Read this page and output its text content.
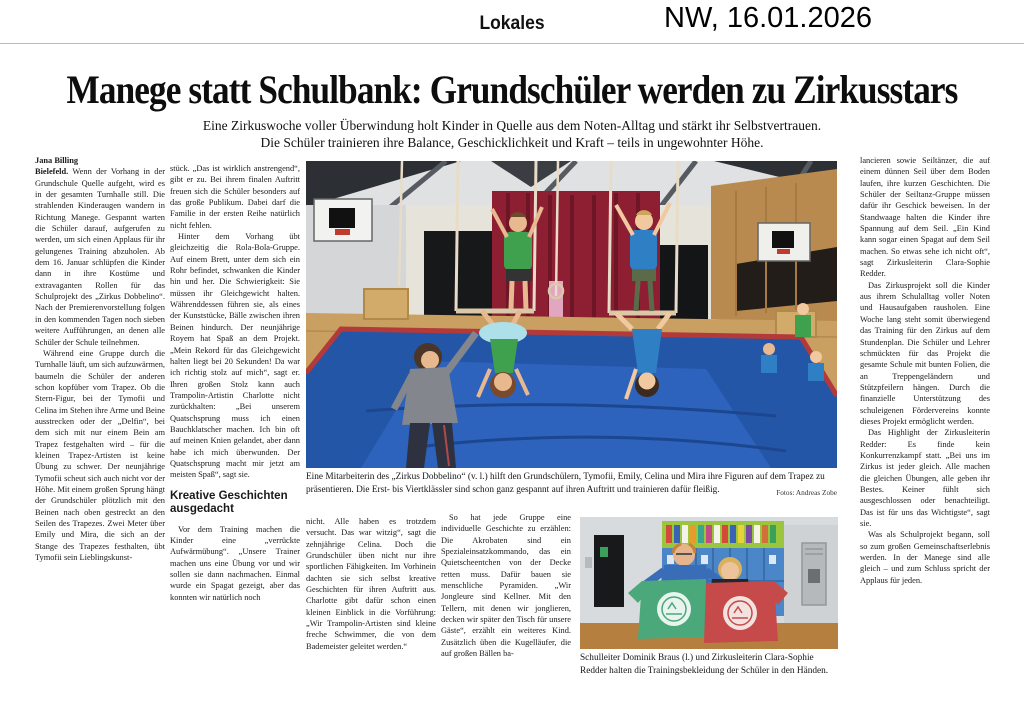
Lokales	NW, 16.01.2026
Manege statt Schulbank: Grundschüler werden zu Zirkusstars
Eine Zirkuswoche voller Überwindung holt Kinder in Quelle aus dem Noten-Alltag und stärkt ihr Selbstvertrauen.
Die Schüler trainieren ihre Balance, Geschicklichkeit und Kraft – teils in ungewohnter Höhe.

Jana Billing

Bielefeld. Wenn der Vorhang in der Grundschule Quelle aufgeht, wird es in der gesamten Turnhalle still. Die strahlenden Kinderaugen wandern in Richtung Manege. Gespannt warten die Schüler darauf, aufgerufen zu werden, um sich einen Applaus für ihr gelungenes Training abzuholen. Ab dem 16. Januar schlüpfen die Kinder dann in ihre Kostüme und extravaganten Rollen für das Schulprojekt des „Zirkus Dobbelino“. Nach der Premierenvorstellung folgen in den kommenden Tagen noch sieben weitere Aufführungen, an denen alle Schüler der Schule teilnehmen.

Während eine Gruppe durch die Turnhalle läuft, um sich aufzuwärmen, baumeln die Schüler der anderen schon kopfüber vom Trapez. Ob die Stern-Figur, bei der Tymofii und Celina im Stehen ihre Arme und Beine ausstrecken oder der „Delfin“, bei dem sich mit nur einem Bein am Trapez festgehalten wird – für die kleinen Trapez-Artisten ist keine Übung zu schwer. Der neunjährige Tymofii scheut sich auch nicht vor der Höhe. Mit einem großen Sprung hängt der Grundschüler plötzlich mit den Beinen nach oben gestreckt an den Seilen des Trapezes. Zwei Meter über Emily und Mira, die sich an der Stange des Trapezes festhalten, übt Tymofii sein Lieblingskunst-

stück. „Das ist wirklich anstrengend“, gibt er zu. Bei ihrem finalen Auftritt freuen sich die Schüler besonders auf das große Publikum. Dabei darf die Familie in der ersten Reihe natürlich nicht fehlen.

Hinter dem Vorhang übt gleichzeitig die Rola-Bola-Gruppe. Auf einem Brett, unter dem sich ein Rohr befindet, schwanken die Kinder hin und her. Die Schwierigkeit: Sie müssen ihr Gleichgewicht halten. Währenddessen führen sie, als eines der Kunststücke, Bälle zwischen ihren Beinen hindurch. Der neunjährige Royem hat Spaß an dem Projekt. „Mein Rekord für das Gleichgewicht halten liegt bei 20 Sekunden! Da war ich richtig stolz auf mich“, sagt er. Ihren großen Stolz kann auch Trampolin-Artistin Charlotte nicht zurückhalten: „Bei unserem Quatschsprung muss ich einen Bauchklatscher machen. Ich bin oft auf meinen Knien gelandet, aber dann habe ich mich überwunden. Der Quatschsprung macht mir jetzt am meisten Spaß“, sagt sie.

Kreative Geschichten ausgedacht

Vor dem Training machen die Kinder eine „verrückte Aufwärmübung“. „Unsere Trainer machen uns eine Übung vor und wir sollen sie dann nachmachen. Einmal wurde ein Spagat gezeigt, aber das konnten wir natürlich noch

Eine Mitarbeiterin des „Zirkus Dobbelino“ (v. l.) hilft den Grundschülern, Tymofii, Emily, Celina und Mira ihre Figuren auf dem Trapez zu präsentieren. Die Erst- bis Viertklässler sind schon ganz gespannt auf ihren Auftritt und trainieren dafür fleißig.	Fotos: Andreas Zobe

nicht. Alle haben es trotzdem versucht. Das war witzig“, sagt die zehnjährige Celina. Doch die Grundschüler üben nicht nur ihre sportlichen Fähigkeiten. Im Vorhinein dachten sie sich selbst kreative Geschichten für ihren Auftritt aus. Charlotte gibt dafür schon einen kleinen Einblick in die Vorführung: „Wir Trampolin-Artisten sind kleine freche Schwimmer, die von dem Bademeister geleitet werden.“

So hat jede Gruppe eine individuelle Geschichte zu erzählen: Die Akrobaten sind ein Spezialeinsatzkommando, das ein Quietscheentchen von der Decke retten muss. Dafür bauen sie menschliche Pyramiden. „Wir Jongleure sind Kellner. Mit den Tellern, mit denen wir jonglieren, decken wir später den Tisch für unsere Gäste“, erzählt ein weiteres Kind. Zusätzlich üben die Kugelläufer, die auf großen Bällen ba-	Schulleiter Dominik Braus (l.) und Zirkusleiterin Clara-Sophie Redder halten die Trainingsbekleidung der Schüler in den Händen.

lancieren sowie Seiltänzer, die auf einem dünnen Seil über dem Boden laufen, ihre kurzen Geschichten. Die Schüler der Seiltanz-Gruppe müssen dafür ihr Geschick beweisen. In der Standwaage halten die Kinder ihre Spannung auf dem Seil. „Ein Kind kann sogar einen Spagat auf dem Seil machen. So etwas sehe ich nicht oft“, sagt Zirkusleiterin Clara-Sophie Redder.

Das Zirkusprojekt soll die Kinder aus ihrem Schulalltag voller Noten und Hausaufgaben rausholen. Eine Woche lang steht somit überwiegend das Training für den Zirkus auf dem Stundenplan. Die Schüler und Lehrer schmückten für das Projekt die gesamte Schule mit bunten Folien, die an Treppengeländern und Stützpfeilern hängen. Durch die finanzielle Unterstützung des schuleigenen Fördervereins konnte dieses Projekt ermöglicht werden.

Das Highlight der Zirkusleiterin Redder: Es finde kein Konkurrenzkampf statt. „Bei uns im Zirkus ist jeder gleich. Alle machen die gleichen Übungen, alle geben ihr Bestes. Keiner fühlt sich ausgeschlossen oder benachteiligt. Das ist für uns das Wichtigste“, sagt sie.

Was als Schulprojekt begann, soll so zum großen Gemeinschaftserlebnis werden. In der Manege sind alle gleich – und zum Schluss spricht der Applaus für jeden.
